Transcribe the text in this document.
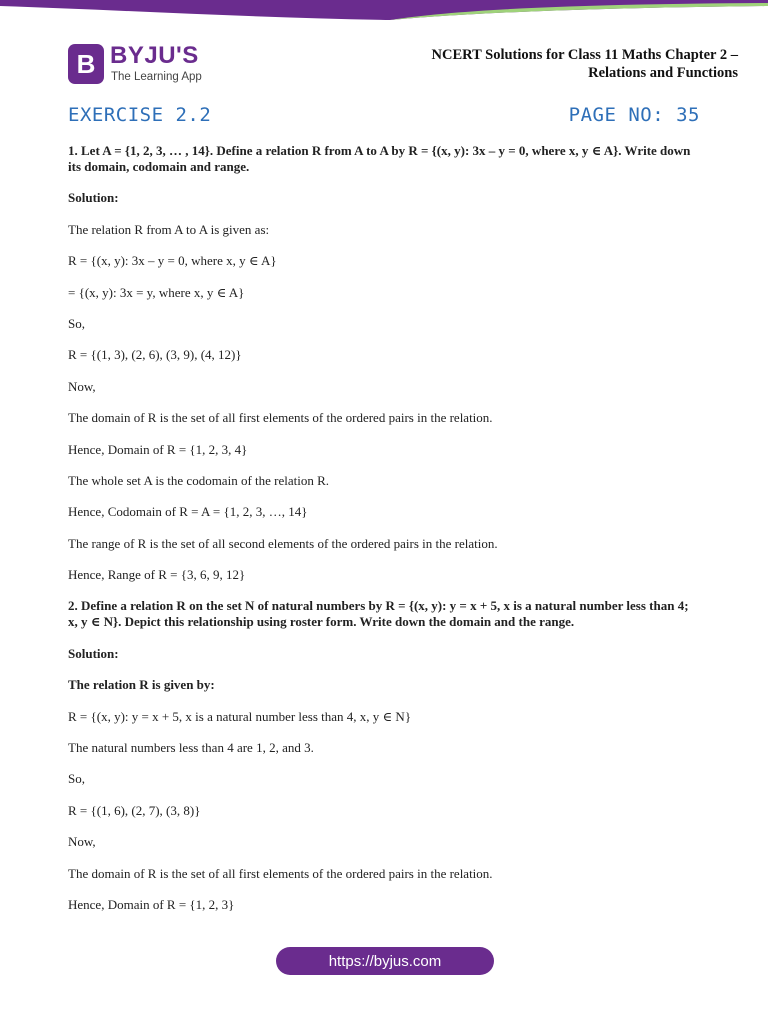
B BYJU'S
The Learning App
NCERT Solutions for Class 11 Maths Chapter 2 –
Relations and Functions
EXERCISE 2.2	PAGE NO: 35

1. Let A = {1, 2, 3, … , 14}. Define a relation R from A to A by R = {(x, y): 3x – y = 0, where x, y ∈ A}. Write down its domain, codomain and range.

Solution:

The relation R from A to A is given as:

R = {(x, y): 3x – y = 0, where x, y ∈ A}

= {(x, y): 3x = y, where x, y ∈ A}

So,

R = {(1, 3), (2, 6), (3, 9), (4, 12)}

Now,

The domain of R is the set of all first elements of the ordered pairs in the relation.

Hence, Domain of R = {1, 2, 3, 4}

The whole set A is the codomain of the relation R.

Hence, Codomain of R = A = {1, 2, 3, …, 14}

The range of R is the set of all second elements of the ordered pairs in the relation.

Hence, Range of R = {3, 6, 9, 12}

2. Define a relation R on the set N of natural numbers by R = {(x, y): y = x + 5, x is a natural number less than 4; x, y ∈ N}. Depict this relationship using roster form. Write down the domain and the range.

Solution:

The relation R is given by:

R = {(x, y): y = x + 5, x is a natural number less than 4, x, y ∈ N}

The natural numbers less than 4 are 1, 2, and 3.

So,

R = {(1, 6), (2, 7), (3, 8)}

Now,

The domain of R is the set of all first elements of the ordered pairs in the relation.

Hence, Domain of R = {1, 2, 3}

https://byjus.com
